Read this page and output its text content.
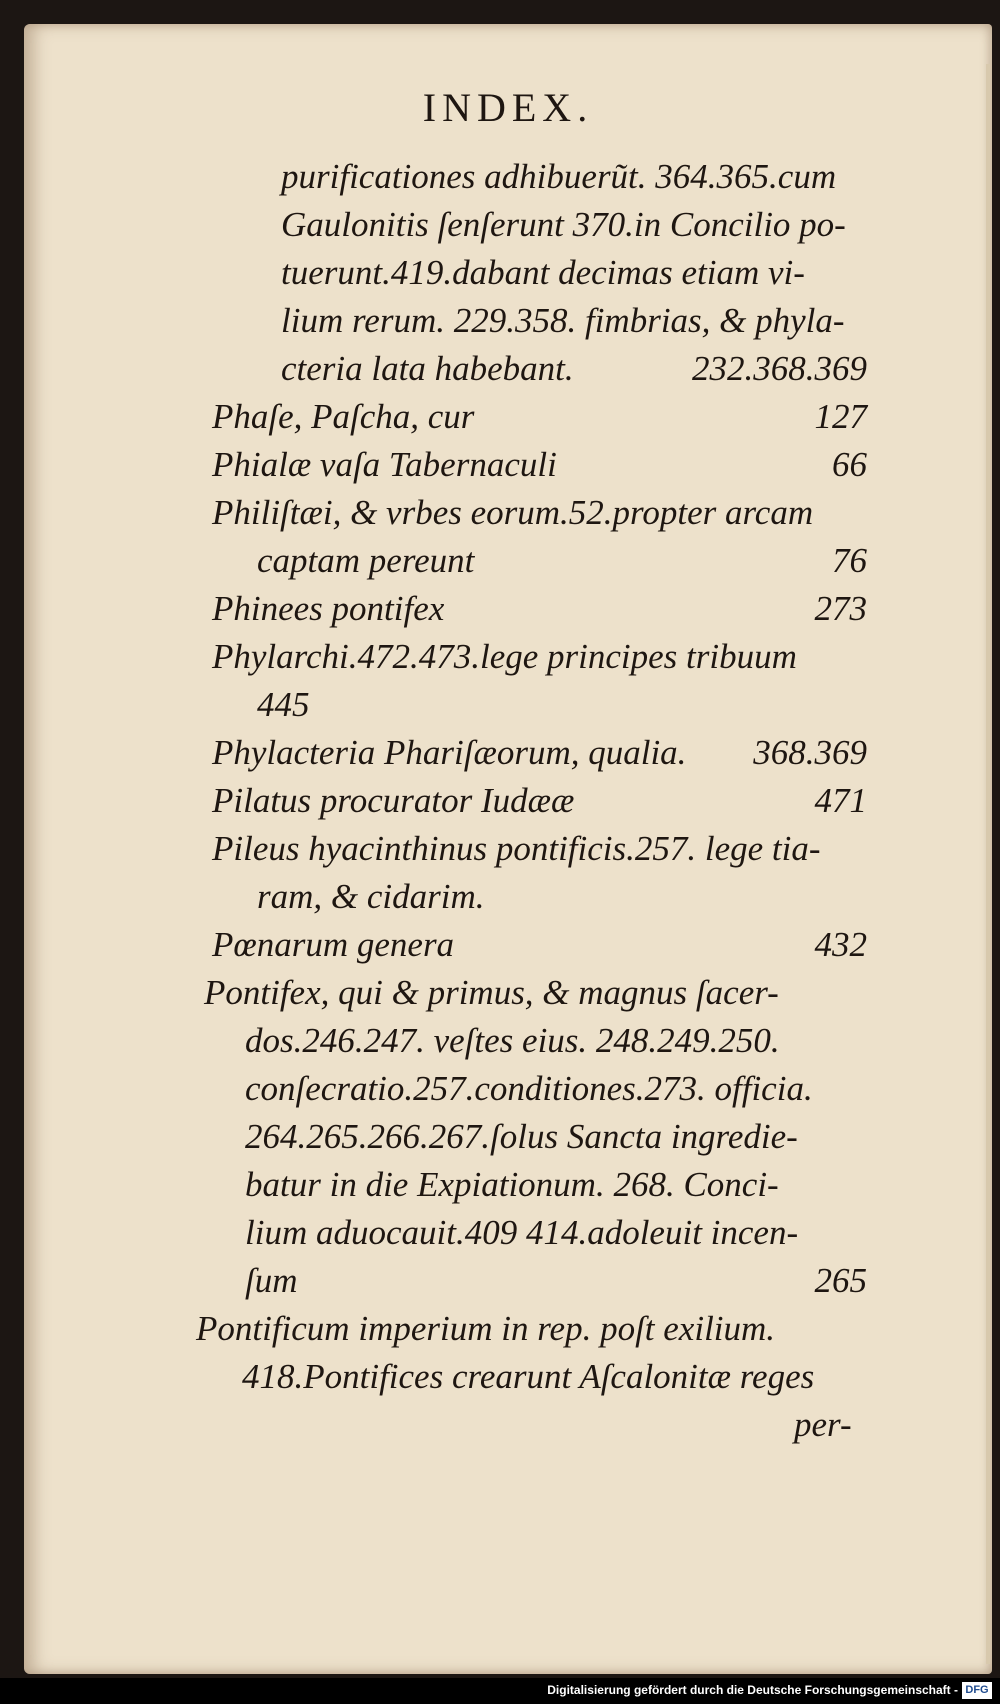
INDEX.
purificationes adhibuerũt. 364.365.cum
Gaulonitis ſenſerunt 370.in Concilio po-
tuerunt.419.dabant decimas etiam vi-
lium rerum. 229.358. fimbrias, & phyla-
cteria lata habebant.	232.368.369
Phaſe, Paſcha, cur	127
Phialæ vaſa Tabernaculi	66
Philiſtæi, & vrbes eorum.52.propter arcam
captam pereunt	76
Phinees pontifex	273
Phylarchi.472.473.lege principes tribuum
445
Phylacteria Phariſæorum, qualia. 368.369
Pilatus procurator Iudææ	471
Pileus hyacinthinus pontificis.257. lege tia-
ram, & cidarim.
Pœnarum genera	432
Pontifex, qui & primus, & magnus ſacer-
dos.246.247. veſtes eius. 248.249.250.
conſecratio.257.conditiones.273. officia.
264.265.266.267.ſolus Sancta ingredie-
batur in die Expiationum. 268. Conci-
lium aduocauit.409 414.adoleuit incen-
ſum	265
Pontificum imperium in rep. poſt exilium.
418.Pontifices crearunt Aſcalonitæ reges
per-
Digitalisierung gefördert durch die Deutsche Forschungsgemeinschaft - DFG
